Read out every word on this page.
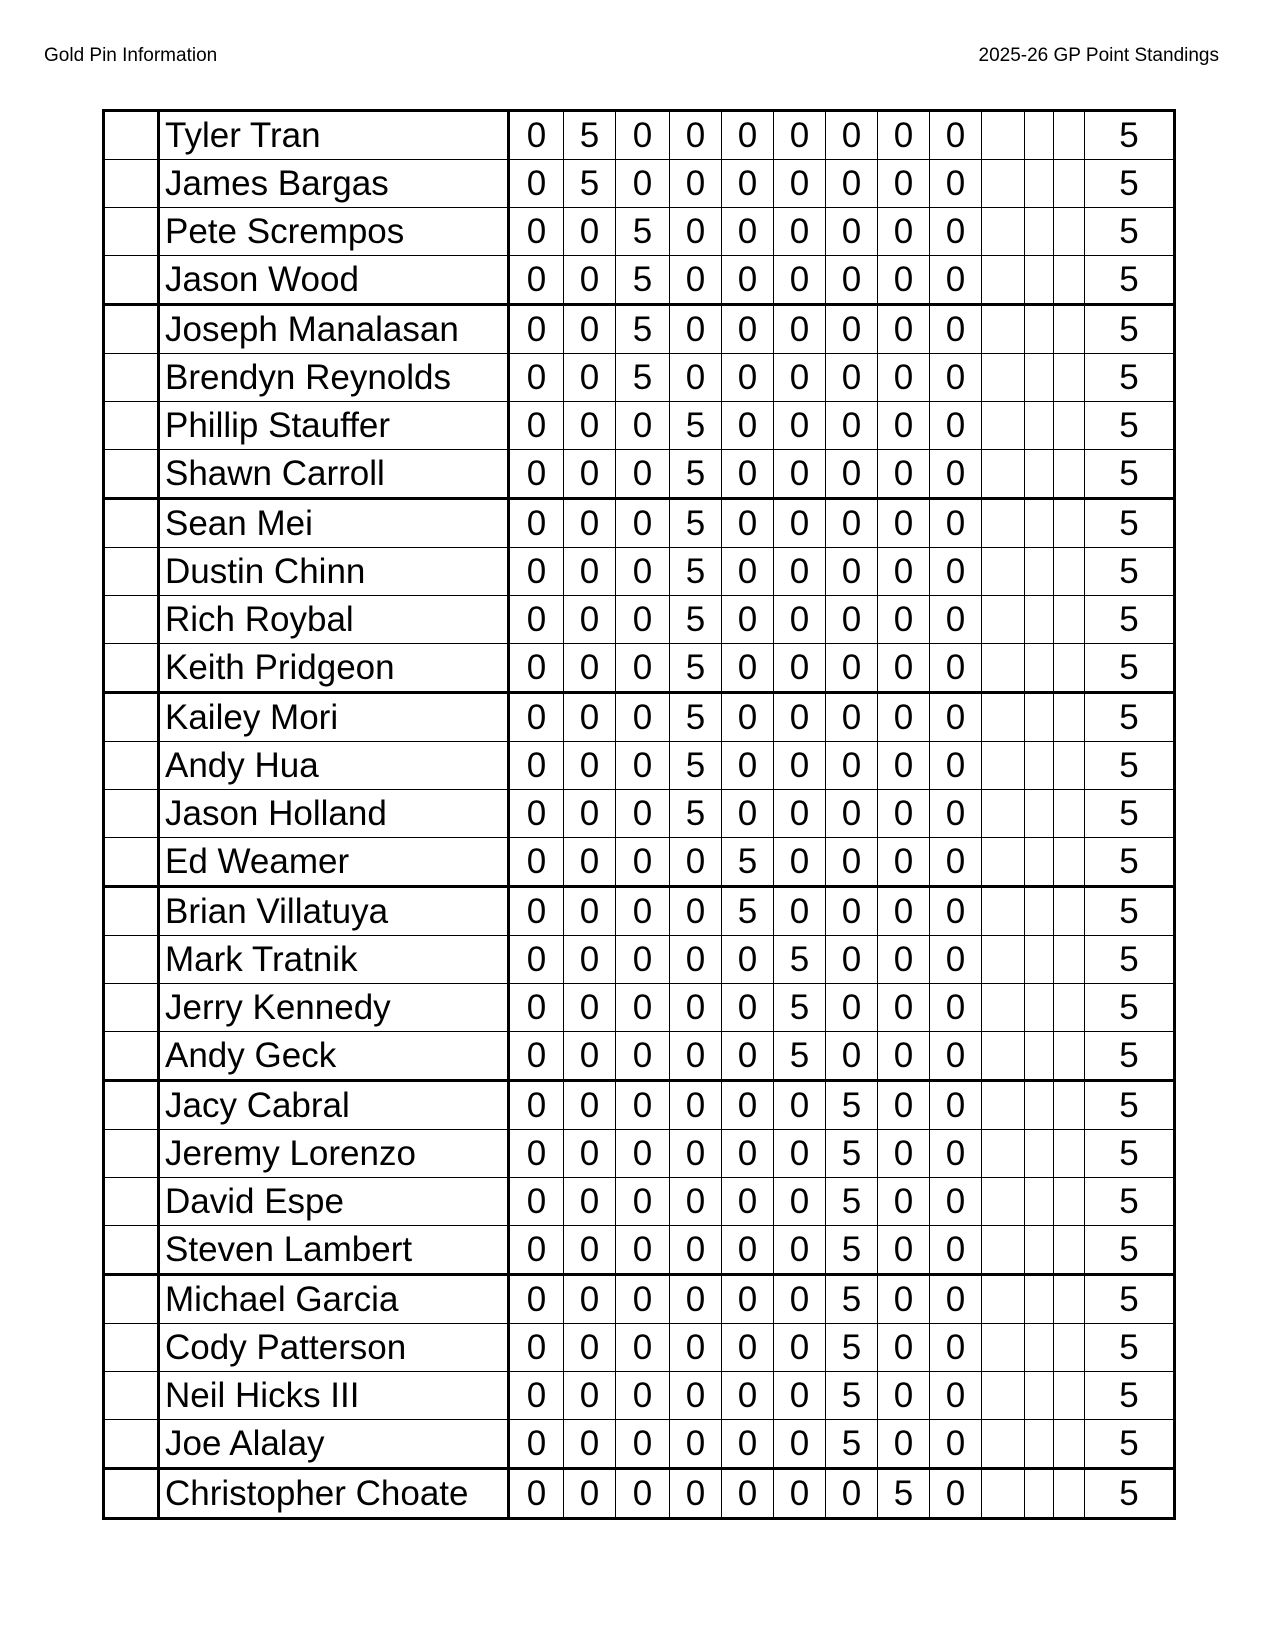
Gold Pin Information	2025-26 GP Point Standings
	Tyler Tran	0	5	0	0	0	0	0	0	0				5
	James Bargas	0	5	0	0	0	0	0	0	0				5
	Pete Scrempos	0	0	5	0	0	0	0	0	0				5
	Jason Wood	0	0	5	0	0	0	0	0	0				5
	Joseph Manalasan	0	0	5	0	0	0	0	0	0				5
	Brendyn Reynolds	0	0	5	0	0	0	0	0	0				5
	Phillip Stauffer	0	0	0	5	0	0	0	0	0				5
	Shawn Carroll	0	0	0	5	0	0	0	0	0				5
	Sean Mei	0	0	0	5	0	0	0	0	0				5
	Dustin Chinn	0	0	0	5	0	0	0	0	0				5
	Rich Roybal	0	0	0	5	0	0	0	0	0				5
	Keith Pridgeon	0	0	0	5	0	0	0	0	0				5
	Kailey Mori	0	0	0	5	0	0	0	0	0				5
	Andy Hua	0	0	0	5	0	0	0	0	0				5
	Jason Holland	0	0	0	5	0	0	0	0	0				5
	Ed Weamer	0	0	0	0	5	0	0	0	0				5
	Brian Villatuya	0	0	0	0	5	0	0	0	0				5
	Mark Tratnik	0	0	0	0	0	5	0	0	0				5
	Jerry Kennedy	0	0	0	0	0	5	0	0	0				5
	Andy Geck	0	0	0	0	0	5	0	0	0				5
	Jacy Cabral	0	0	0	0	0	0	5	0	0				5
	Jeremy Lorenzo	0	0	0	0	0	0	5	0	0				5
	David Espe	0	0	0	0	0	0	5	0	0				5
	Steven Lambert	0	0	0	0	0	0	5	0	0				5
	Michael Garcia	0	0	0	0	0	0	5	0	0				5
	Cody Patterson	0	0	0	0	0	0	5	0	0				5
	Neil Hicks III	0	0	0	0	0	0	5	0	0				5
	Joe Alalay	0	0	0	0	0	0	5	0	0				5
	Christopher Choate	0	0	0	0	0	0	0	5	0				5
